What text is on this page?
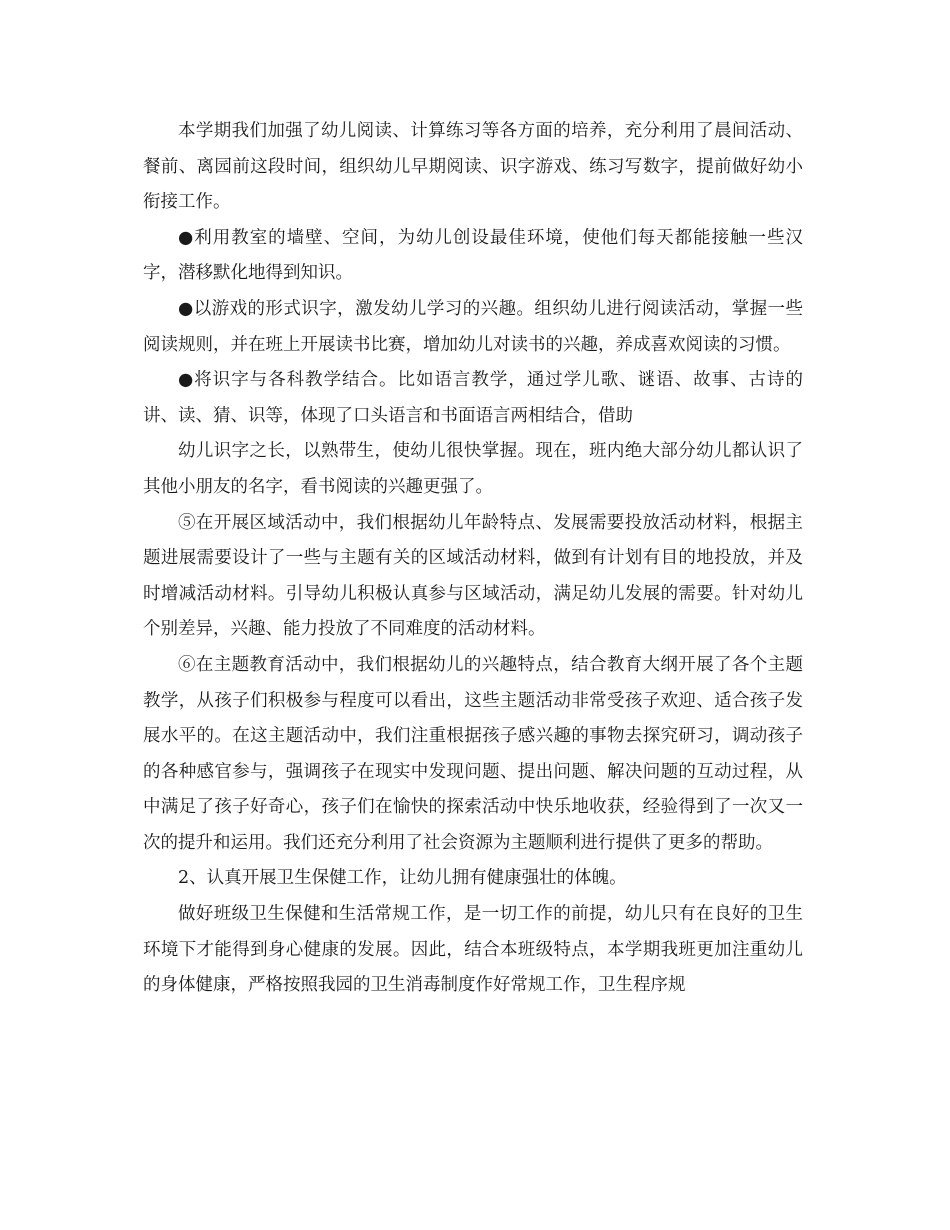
本学期我们加强了幼儿阅读、计算练习等各方面的培养，充分利用了晨间活动、餐前、离园前这段时间，组织幼儿早期阅读、识字游戏、练习写数字，提前做好幼小衔接工作。

●利用教室的墙壁、空间，为幼儿创设最佳环境，使他们每天都能接触一些汉字，潜移默化地得到知识。

●以游戏的形式识字，激发幼儿学习的兴趣。组织幼儿进行阅读活动，掌握一些阅读规则，并在班上开展读书比赛，增加幼儿对读书的兴趣，养成喜欢阅读的习惯。

●将识字与各科教学结合。比如语言教学，通过学儿歌、谜语、故事、古诗的讲、读、猜、识等，体现了口头语言和书面语言两相结合，借助

幼儿识字之长，以熟带生，使幼儿很快掌握。现在，班内绝大部分幼儿都认识了其他小朋友的名字，看书阅读的兴趣更强了。

⑤在开展区域活动中，我们根据幼儿年龄特点、发展需要投放活动材料，根据主题进展需要设计了一些与主题有关的区域活动材料，做到有计划有目的地投放，并及时增减活动材料。引导幼儿积极认真参与区域活动，满足幼儿发展的需要。针对幼儿个别差异，兴趣、能力投放了不同难度的活动材料。

⑥在主题教育活动中，我们根据幼儿的兴趣特点，结合教育大纲开展了各个主题教学，从孩子们积极参与程度可以看出，这些主题活动非常受孩子欢迎、适合孩子发展水平的。在这主题活动中，我们注重根据孩子感兴趣的事物去探究研习，调动孩子的各种感官参与，强调孩子在现实中发现问题、提出问题、解决问题的互动过程，从中满足了孩子好奇心，孩子们在愉快的探索活动中快乐地收获，经验得到了一次又一次的提升和运用。我们还充分利用了社会资源为主题顺利进行提供了更多的帮助。

2、认真开展卫生保健工作，让幼儿拥有健康强壮的体魄。

做好班级卫生保健和生活常规工作，是一切工作的前提，幼儿只有在良好的卫生环境下才能得到身心健康的发展。因此，结合本班级特点，本学期我班更加注重幼儿的身体健康，严格按照我园的卫生消毒制度作好常规工作，卫生程序规
